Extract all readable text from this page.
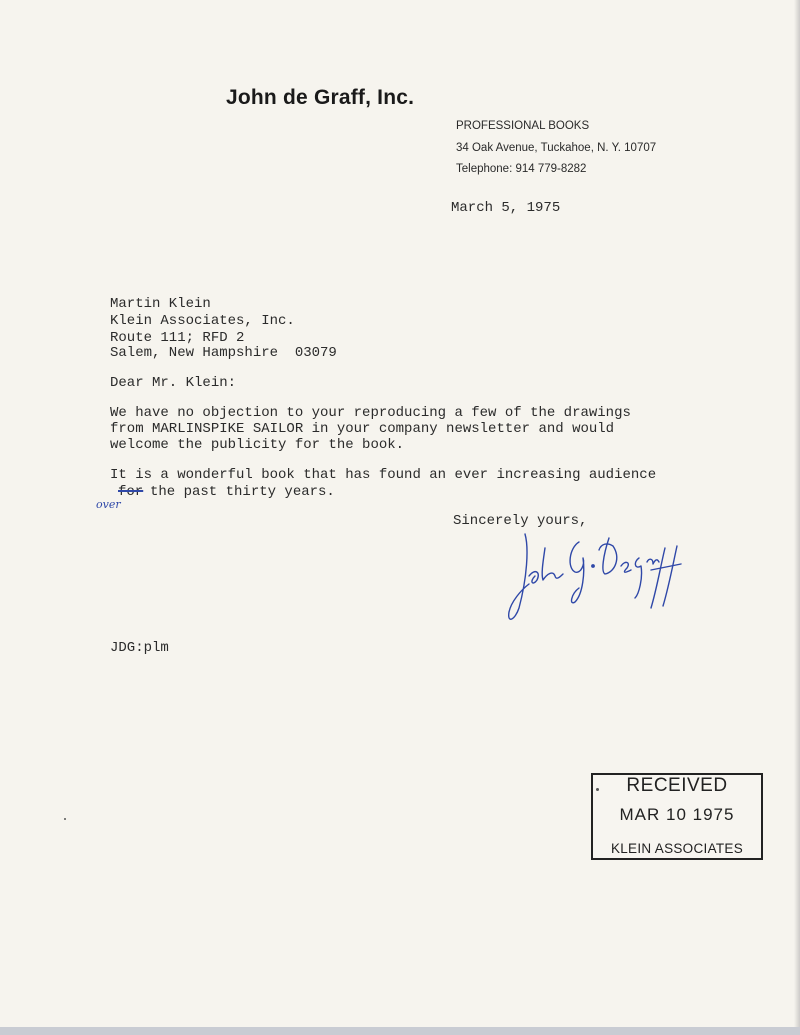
John de Graff, Inc.
PROFESSIONAL BOOKS
34 Oak Avenue, Tuckahoe, N. Y. 10707
Telephone: 914 779-8282
March 5, 1975
Martin Klein
Klein Associates, Inc.
Route 111; RFD 2
Salem, New Hampshire  03079
Dear Mr. Klein:
We have no objection to your reproducing a few of the drawings
from MARLINSPIKE SAILOR in your company newsletter and would
welcome the publicity for the book.
It is a wonderful book that has found an ever increasing audience
for the past thirty years.
over
Sincerely yours,
JDG:plm
RECEIVED
MAR 10 1975
KLEIN ASSOCIATES
